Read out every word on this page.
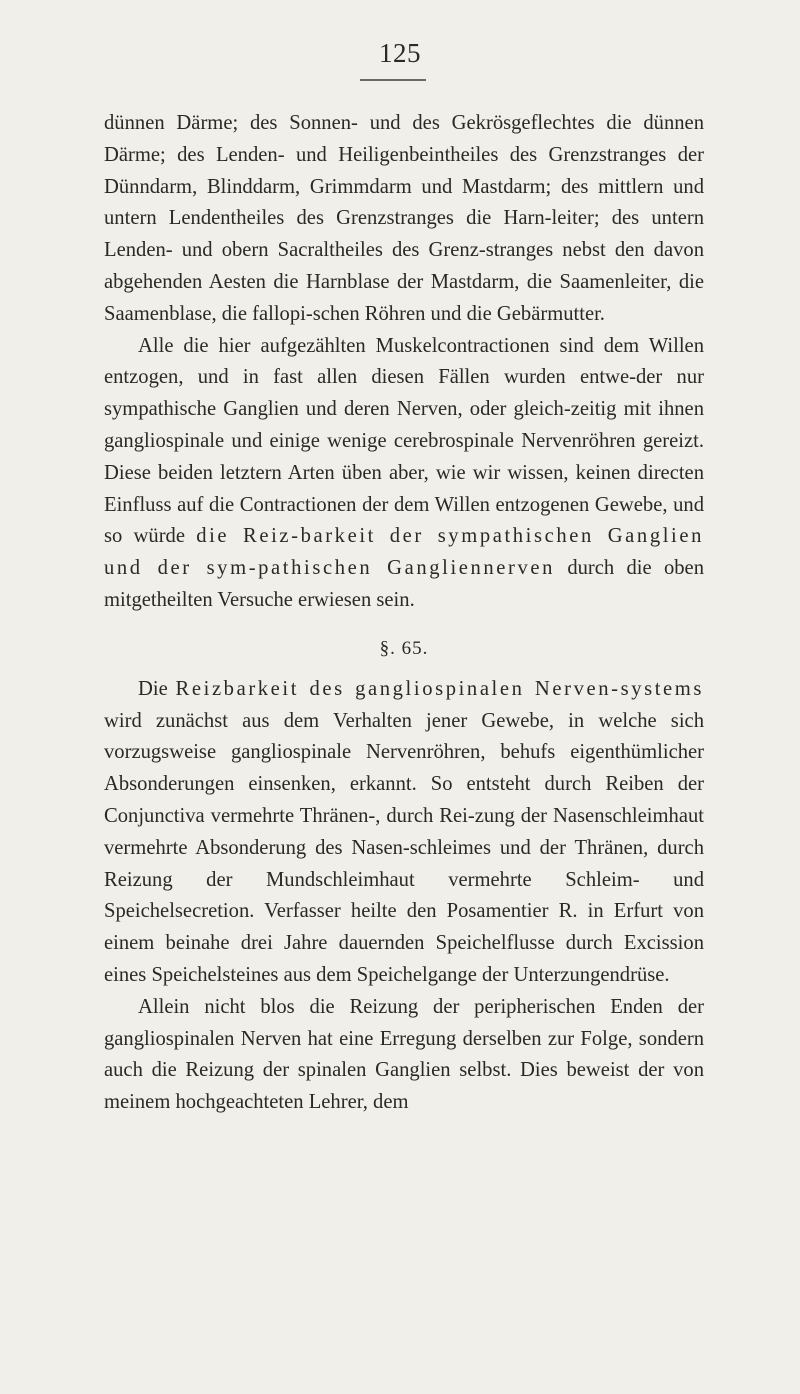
125

dünnen Därme; des Sonnen- und des Gekrösgeflechtes die dünnen Därme; des Lenden- und Heiligenbeintheiles des Grenzstranges der Dünndarm, Blinddarm, Grimmdarm und Mastdarm; des mittlern und untern Lendentheiles des Grenzstranges die Harn-leiter; des untern Lenden- und obern Sacraltheiles des Grenz-stranges nebst den davon abgehenden Aesten die Harnblase der Mastdarm, die Saamenleiter, die Saamenblase, die fallopi-schen Röhren und die Gebärmutter.

Alle die hier aufgezählten Muskelcontractionen sind dem Willen entzogen, und in fast allen diesen Fällen wurden entwe-der nur sympathische Ganglien und deren Nerven, oder gleich-zeitig mit ihnen gangliospinale und einige wenige cerebrospinale Nervenröhren gereizt. Diese beiden letztern Arten üben aber, wie wir wissen, keinen directen Einfluss auf die Contractionen der dem Willen entzogenen Gewebe, und so würde die Reiz-barkeit der sympathischen Ganglien und der sym-pathischen Gangliennerven durch die oben mitgetheilten Versuche erwiesen sein.

§. 65.

Die Reizbarkeit des gangliospinalen Nerven-systems wird zunächst aus dem Verhalten jener Gewebe, in welche sich vorzugsweise gangliospinale Nervenröhren, behufs eigenthümlicher Absonderungen einsenken, erkannt. So entsteht durch Reiben der Conjunctiva vermehrte Thränen-, durch Rei-zung der Nasenschleimhaut vermehrte Absonderung des Nasen-schleimes und der Thränen, durch Reizung der Mundschleimhaut vermehrte Schleim- und Speichelsecretion. Verfasser heilte den Posamentier R. in Erfurt von einem beinahe drei Jahre dauernden Speichelflusse durch Excission eines Speichelsteines aus dem Speichelgange der Unterzungendrüse.

Allein nicht blos die Reizung der peripherischen Enden der gangliospinalen Nerven hat eine Erregung derselben zur Folge, sondern auch die Reizung der spinalen Ganglien selbst. Dies beweist der von meinem hochgeachteten Lehrer, dem
